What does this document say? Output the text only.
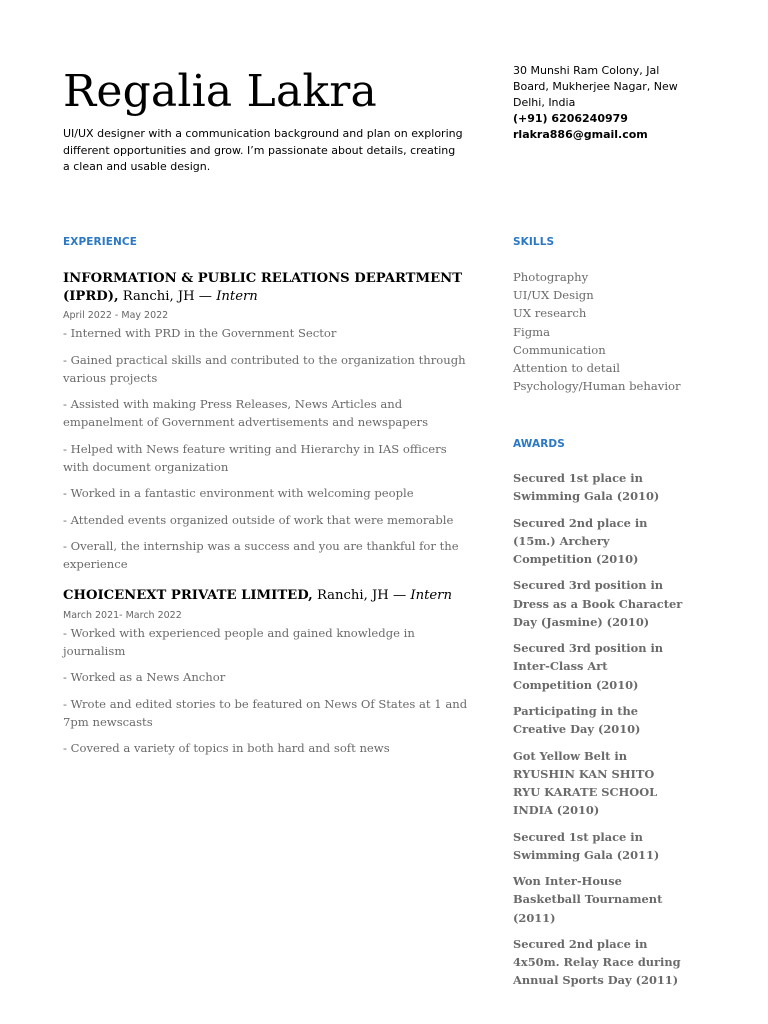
Regalia Lakra

UI/UX designer with a communication background and plan on exploring different opportunities and grow. I’m passionate about details, creating a clean and usable design.

30 Munshi Ram Colony, Jal
Board, Mukherjee Nagar, New
Delhi, India
(+91) 6206240979
rlakra886@gmail.com
EXPERIENCE	SKILLS
AWARDS
INFORMATION & PUBLIC RELATIONS DEPARTMENT (IPRD), Ranchi, JH — Intern
April 2022 - May 2022
- Interned with PRD in the Government Sector
- Gained practical skills and contributed to the organization through various projects
- Assisted with making Press Releases, News Articles and empanelment of Government advertisements and newspapers
- Helped with News feature writing and Hierarchy in IAS officers with document organization
- Worked in a fantastic environment with welcoming people
- Attended events organized outside of work that were memorable
- Overall, the internship was a success and you are thankful for the experience
CHOICENEXT PRIVATE LIMITED, Ranchi, JH — Intern
March 2021- March 2022
- Worked with experienced people and gained knowledge in journalism
- Worked as a News Anchor
- Wrote and edited stories to be featured on News Of States at 1 and 7pm newscasts
- Covered a variety of topics in both hard and soft news
Photography
UI/UX Design
UX research
Figma
Communication
Attention to detail
Psychology/Human behavior
Secured 1st place in Swimming Gala (2010)
Secured 2nd place in (15m.) Archery Competition (2010)
Secured 3rd position in Dress as a Book Character Day (Jasmine) (2010)
Secured 3rd position in Inter-Class Art Competition (2010)
Participating in the Creative Day (2010)
Got Yellow Belt in RYUSHIN KAN SHITO RYU KARATE SCHOOL INDIA (2010)
Secured 1st place in Swimming Gala (2011)
Won Inter-House Basketball Tournament (2011)
Secured 2nd place in 4x50m. Relay Race during Annual Sports Day (2011)
